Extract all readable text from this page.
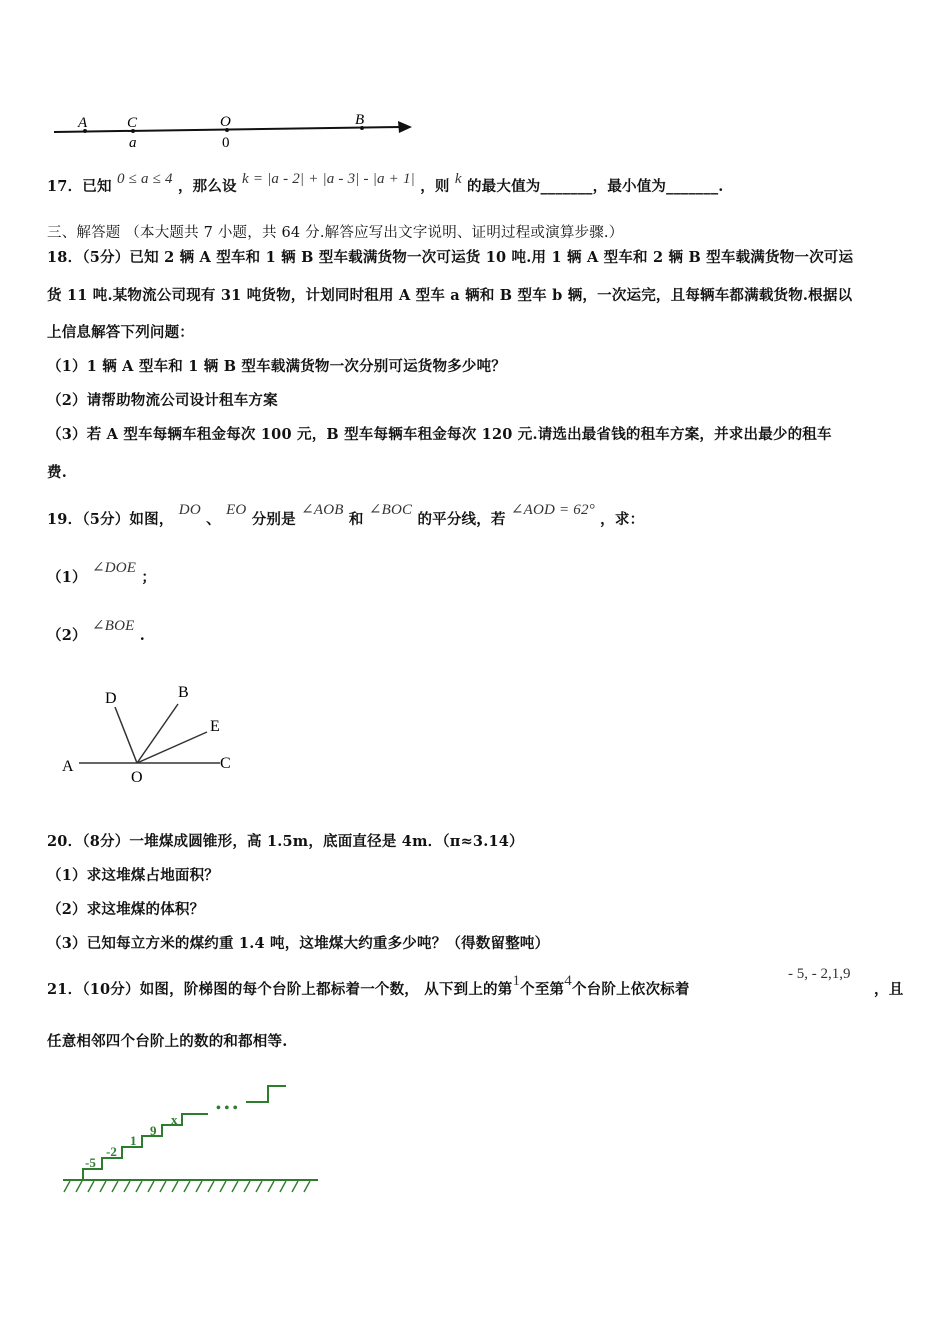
A	C	O	B
a	0
17．已知 0 ≤ a ≤ 4 ，那么设 k = |a - 2| + |a - 3| - |a + 1| ，则 k 的最大值为_______，最小值为_______.
三、解答题 （本大题共 7 小题，共 64 分.解答应写出文字说明、证明过程或演算步骤.）
18．（5分）已知 2 辆 A 型车和 1 辆 B 型车载满货物一次可运货 10 吨.用 1 辆 A 型车和 2 辆 B 型车载满货物一次可运
货 11 吨.某物流公司现有 31 吨货物，计划同时租用 A 型车 a 辆和 B 型车 b 辆，一次运完，且每辆车都满载货物.根据以
上信息解答下列问题：
（1）1 辆 A 型车和 1 辆 B 型车载满货物一次分别可运货物多少吨？
（2）请帮助物流公司设计租车方案
（3）若 A 型车每辆车租金每次 100 元，B 型车每辆车租金每次 120 元.请选出最省钱的租车方案，并求出最少的租车
费.
19．（5分）如图， DO 、 EO 分别是 ∠AOB 和 ∠BOC 的平分线，若 ∠AOD = 62° ，求：
（1） ∠DOE ；
（2） ∠BOE .
D	B
E
A
O
C
20．（8分）一堆煤成圆锥形，高 1.5m，底面直径是 4m．（π≈3.14）
（1）求这堆煤占地面积？
（2）求这堆煤的体积？
（3）已知每立方米的煤约重 1.4 吨，这堆煤大约重多少吨？（得数留整吨）
21．（10分）如图，阶梯图的每个台阶上都标着一个数， 从下到上的第1个至第4个台阶上依次标着
- 5, - 2,1,9
，且
任意相邻四个台阶上的数的和都相等.
-5
-2
1
9
x
• • •
